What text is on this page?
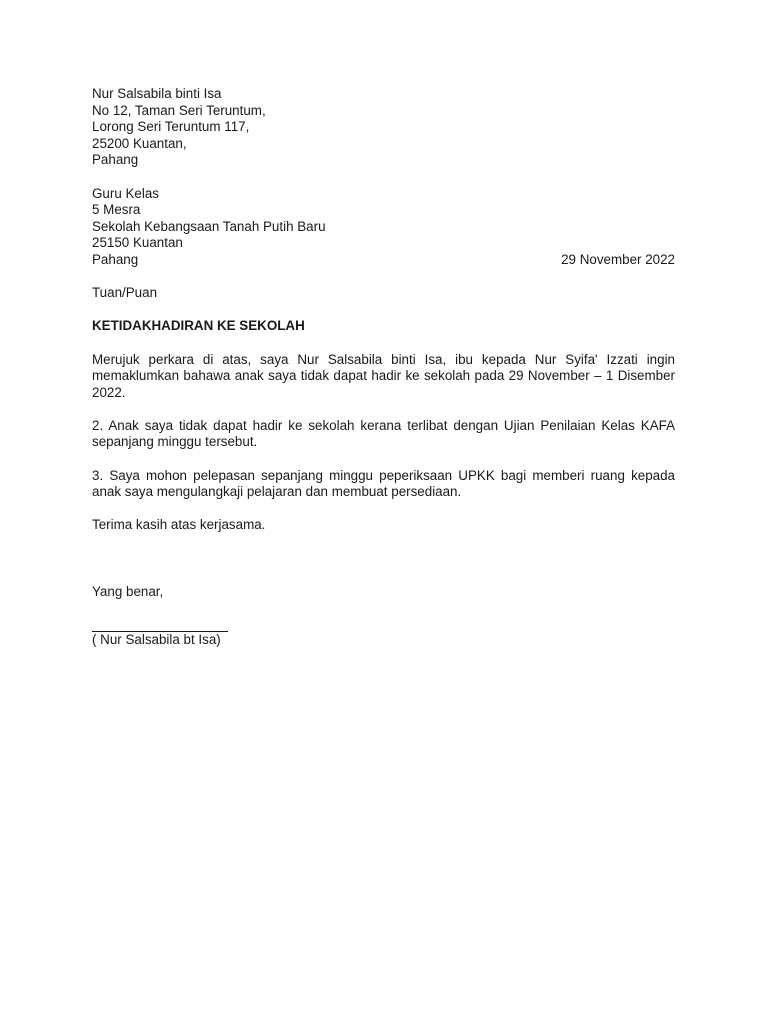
Nur Salsabila binti Isa
No 12, Taman Seri Teruntum,
Lorong Seri Teruntum 117,
25200 Kuantan,
Pahang
Guru Kelas
5 Mesra
Sekolah Kebangsaan Tanah Putih Baru
25150 Kuantan
Pahang	29 November 2022
Tuan/Puan
KETIDAKHADIRAN KE SEKOLAH

Merujuk perkara di atas, saya Nur Salsabila binti Isa, ibu kepada Nur Syifa' Izzati ingin memaklumkan bahawa anak saya tidak dapat hadir ke sekolah pada 29 November – 1 Disember 2022.

2. Anak saya tidak dapat hadir ke sekolah kerana terlibat dengan Ujian Penilaian Kelas KAFA sepanjang minggu tersebut.

3. Saya mohon pelepasan sepanjang minggu peperiksaan UPKK bagi memberi ruang kepada anak saya mengulangkaji pelajaran dan membuat persediaan.

Terima kasih atas kerjasama.
Yang benar,
( Nur Salsabila bt Isa)
